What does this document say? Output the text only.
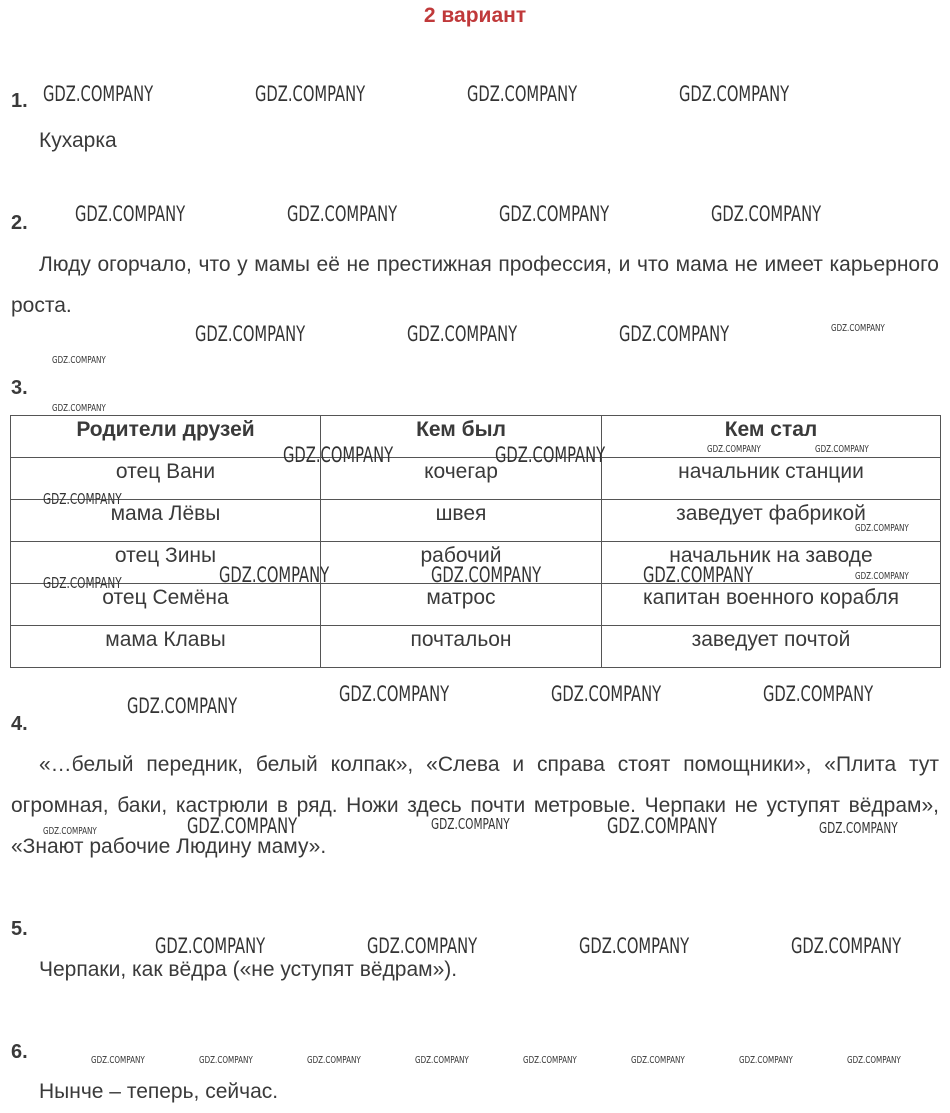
2 вариант
1.
Кухарка
2.
Люду огорчало, что у мамы её не престижная профессия, и что мама не имеет карьерного роста.
3.
Родители друзей	Кем был	Кем стал
отец Вани	кочегар	начальник станции
мама Лёвы	швея	заведует фабрикой
отец Зины	рабочий	начальник на заводе
отец Семёна	матрос	капитан военного корабля
мама Клавы	почтальон	заведует почтой
4.
«…белый передник, белый колпак», «Слева и справа стоят помощники», «Плита тут огромная, баки, кастрюли в ряд. Ножи здесь почти метровые. Черпаки не уступят вёдрам», «Знают рабочие Людину маму».
5.
Черпаки, как вёдра («не уступят вёдрам»).
6.
Нынче – теперь, сейчас.
GDZ.COMPANY	GDZ.COMPANY	GDZ.COMPANY	GDZ.COMPANY
GDZ.COMPANY	GDZ.COMPANY	GDZ.COMPANY	GDZ.COMPANY
GDZ.COMPANY	GDZ.COMPANY	GDZ.COMPANY	GDZ.COMPANY
GDZ.COMPANY
GDZ.COMPANY
GDZ.COMPANY	GDZ.COMPANY	GDZ.COMPANY	GDZ.COMPANY
GDZ.COMPANY
GDZ.COMPANY
GDZ.COMPANY	GDZ.COMPANY	GDZ.COMPANY	GDZ.COMPANY
GDZ.COMPANY
GDZ.COMPANY	GDZ.COMPANY	GDZ.COMPANY	GDZ.COMPANY
GDZ.COMPANY	GDZ.COMPANY	GDZ.COMPANY	GDZ.COMPANY	GDZ.COMPANY
GDZ.COMPANY	GDZ.COMPANY	GDZ.COMPANY	GDZ.COMPANY
GDZ.COMPANY	GDZ.COMPANY	GDZ.COMPANY	GDZ.COMPANY	GDZ.COMPANY	GDZ.COMPANY	GDZ.COMPANY	GDZ.COMPANY
